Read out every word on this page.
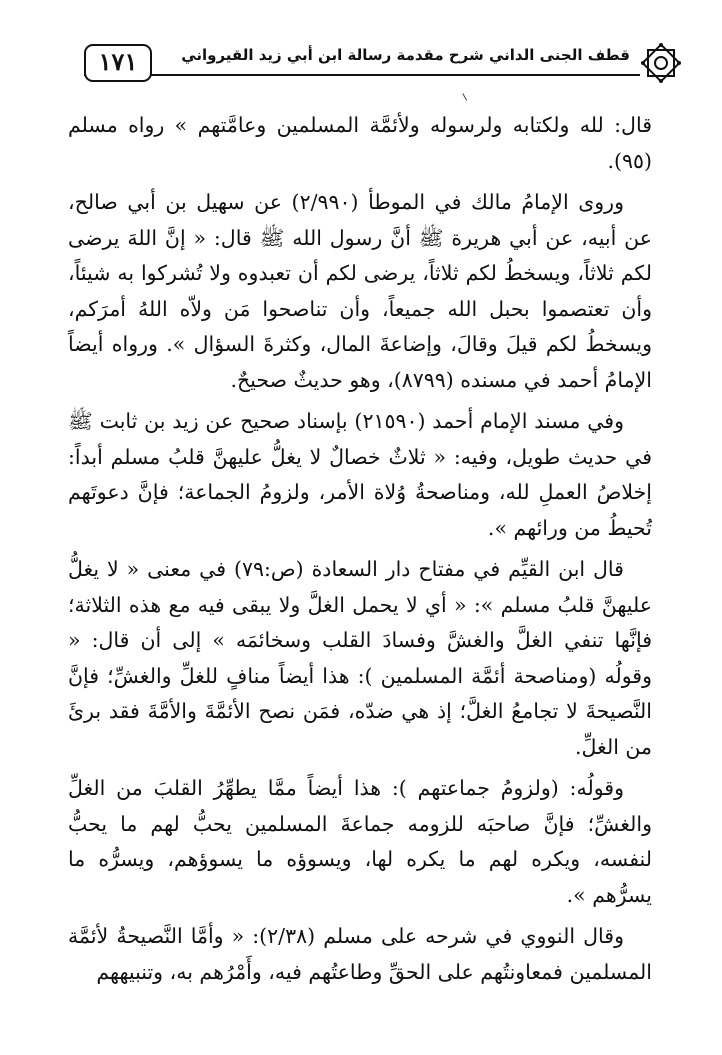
١٧١	قطف الجنى الداني شرح مقدمة رسالة ابن أبي زيد القيرواني

قال: لله ولكتابه ولرسوله ولأئمَّة المسلمين وعامَّتهم » رواه مسلم (٩٥).

وروى الإمامُ مالك في الموطأ (٢/٩٩٠) عن سهيل بن أبي صالح، عن أبيه، عن أبي هريرة ﷺ أنَّ رسول الله ﷺ قال: « إنَّ اللهَ يرضى لكم ثلاثاً، ويسخطُ لكم ثلاثاً، يرضى لكم أن تعبدوه ولا تُشركوا به شيئاً، وأن تعتصموا بحبل الله جميعاً، وأن تناصحوا مَن ولاّه اللهُ أمرَكم، ويسخطُ لكم قيلَ وقالَ، وإضاعةَ المال، وكثرةَ السؤال ». ورواه أيضاً الإمامُ أحمد في مسنده (٨٧٩٩)، وهو حديثٌ صحيحٌ.

وفي مسند الإمام أحمد (٢١٥٩٠) بإسناد صحيح عن زيد بن ثابت ﷺ في حديث طويل، وفيه: « ثلاثٌ خصالٌ لا يغلُّ عليهنَّ قلبُ مسلم أبداً: إخلاصُ العملِ لله، ومناصحةُ وُلاة الأمر، ولزومُ الجماعة؛ فإنَّ دعوتَهم تُحيطُ من ورائهم ».

قال ابن القيِّم في مفتاح دار السعادة (ص:٧٩) في معنى « لا يغلُّ عليهنَّ قلبُ مسلم »: « أي لا يحمل الغلَّ ولا يبقى فيه مع هذه الثلاثة؛ فإنَّها تنفي الغلَّ والغشَّ وفسادَ القلب وسخائمَه » إلى أن قال: « وقولُه (ومناصحة أئمَّة المسلمين ): هذا أيضاً منافٍ للغلِّ والغشِّ؛ فإنَّ النَّصيحةَ لا تجامعُ الغلَّ؛ إذ هي ضدّه، فمَن نصح الأئمَّةَ والأمَّةَ فقد برئَ من الغلِّ.

وقولُه: (ولزومُ جماعتهم ): هذا أيضاً ممَّا يطهِّرُ القلبَ من الغلِّ والغشِّ؛ فإنَّ صاحبَه للزومه جماعةَ المسلمين يحبُّ لهم ما يحبُّ لنفسه، ويكره لهم ما يكره لها، ويسوؤه ما يسوؤهم، ويسرُّه ما يسرُّهم ».

وقال النووي في شرحه على مسلم (٢/٣٨): « وأمَّا النَّصيحةُ لأئمَّة المسلمين فمعاونتُهم على الحقِّ وطاعتُهم فيه، وأَمْرُهم به، وتنبيههم
